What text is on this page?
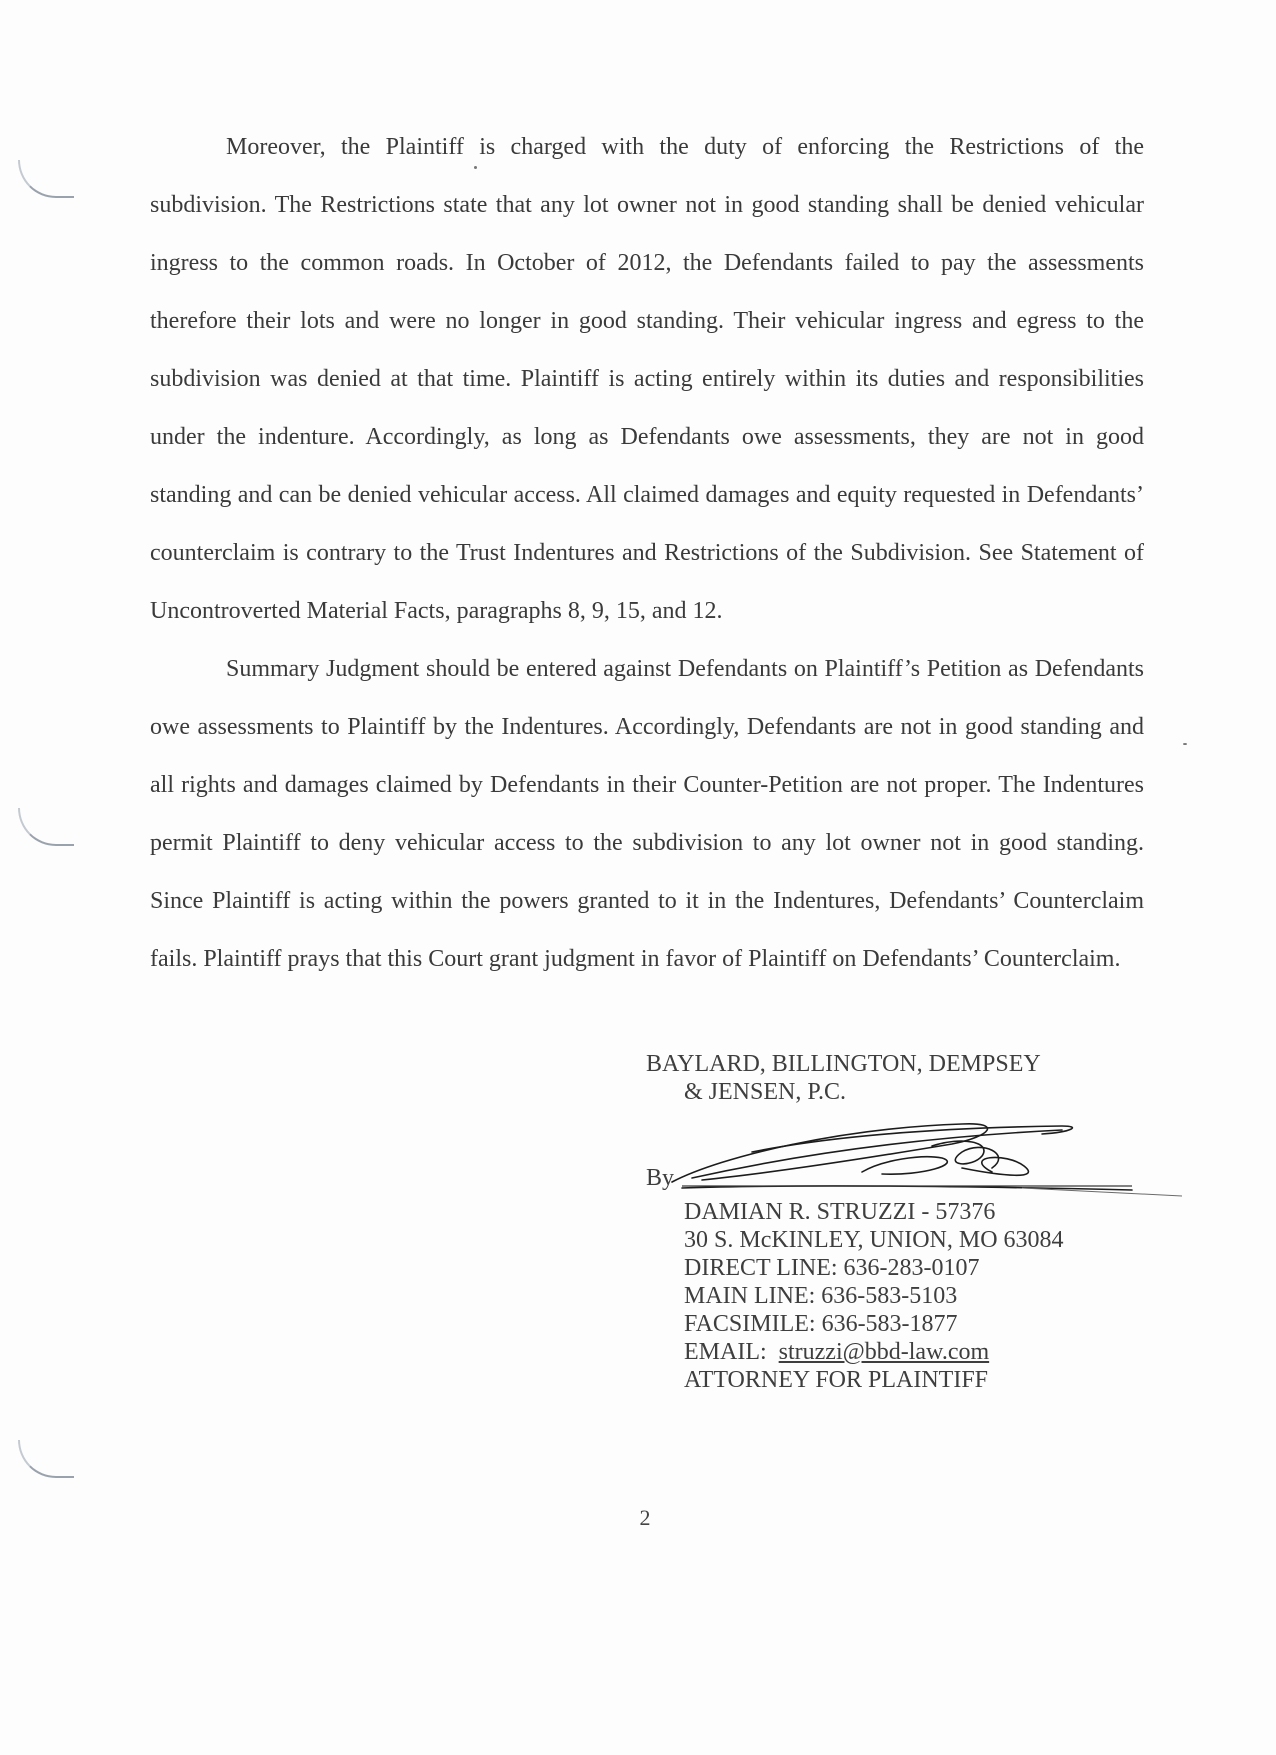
Moreover, the Plaintiff is charged with the duty of enforcing the Restrictions of the subdivision. The Restrictions state that any lot owner not in good standing shall be denied vehicular ingress to the common roads. In October of 2012, the Defendants failed to pay the assessments therefore their lots and were no longer in good standing. Their vehicular ingress and egress to the subdivision was denied at that time. Plaintiff is acting entirely within its duties and responsibilities under the indenture. Accordingly, as long as Defendants owe assessments, they are not in good standing and can be denied vehicular access. All claimed damages and equity requested in Defendants’ counterclaim is contrary to the Trust Indentures and Restrictions of the Subdivision. See Statement of Uncontroverted Material Facts, paragraphs 8, 9, 15, and 12.

Summary Judgment should be entered against Defendants on Plaintiff’s Petition as Defendants owe assessments to Plaintiff by the Indentures. Accordingly, Defendants are not in good standing and all rights and damages claimed by Defendants in their Counter-Petition are not proper. The Indentures permit Plaintiff to deny vehicular access to the subdivision to any lot owner not in good standing. Since Plaintiff is acting within the powers granted to it in the Indentures, Defendants’ Counterclaim fails. Plaintiff prays that this Court grant judgment in favor of Plaintiff on Defendants’ Counterclaim.

BAYLARD, BILLINGTON, DEMPSEY
& JENSEN, P.C.
By
DAMIAN R. STRUZZI - 57376
30 S. McKINLEY, UNION, MO 63084
DIRECT LINE: 636-283-0107
MAIN LINE: 636-583-5103
FACSIMILE: 636-583-1877
EMAIL: struzzi@bbd-law.com
ATTORNEY FOR PLAINTIFF
2
